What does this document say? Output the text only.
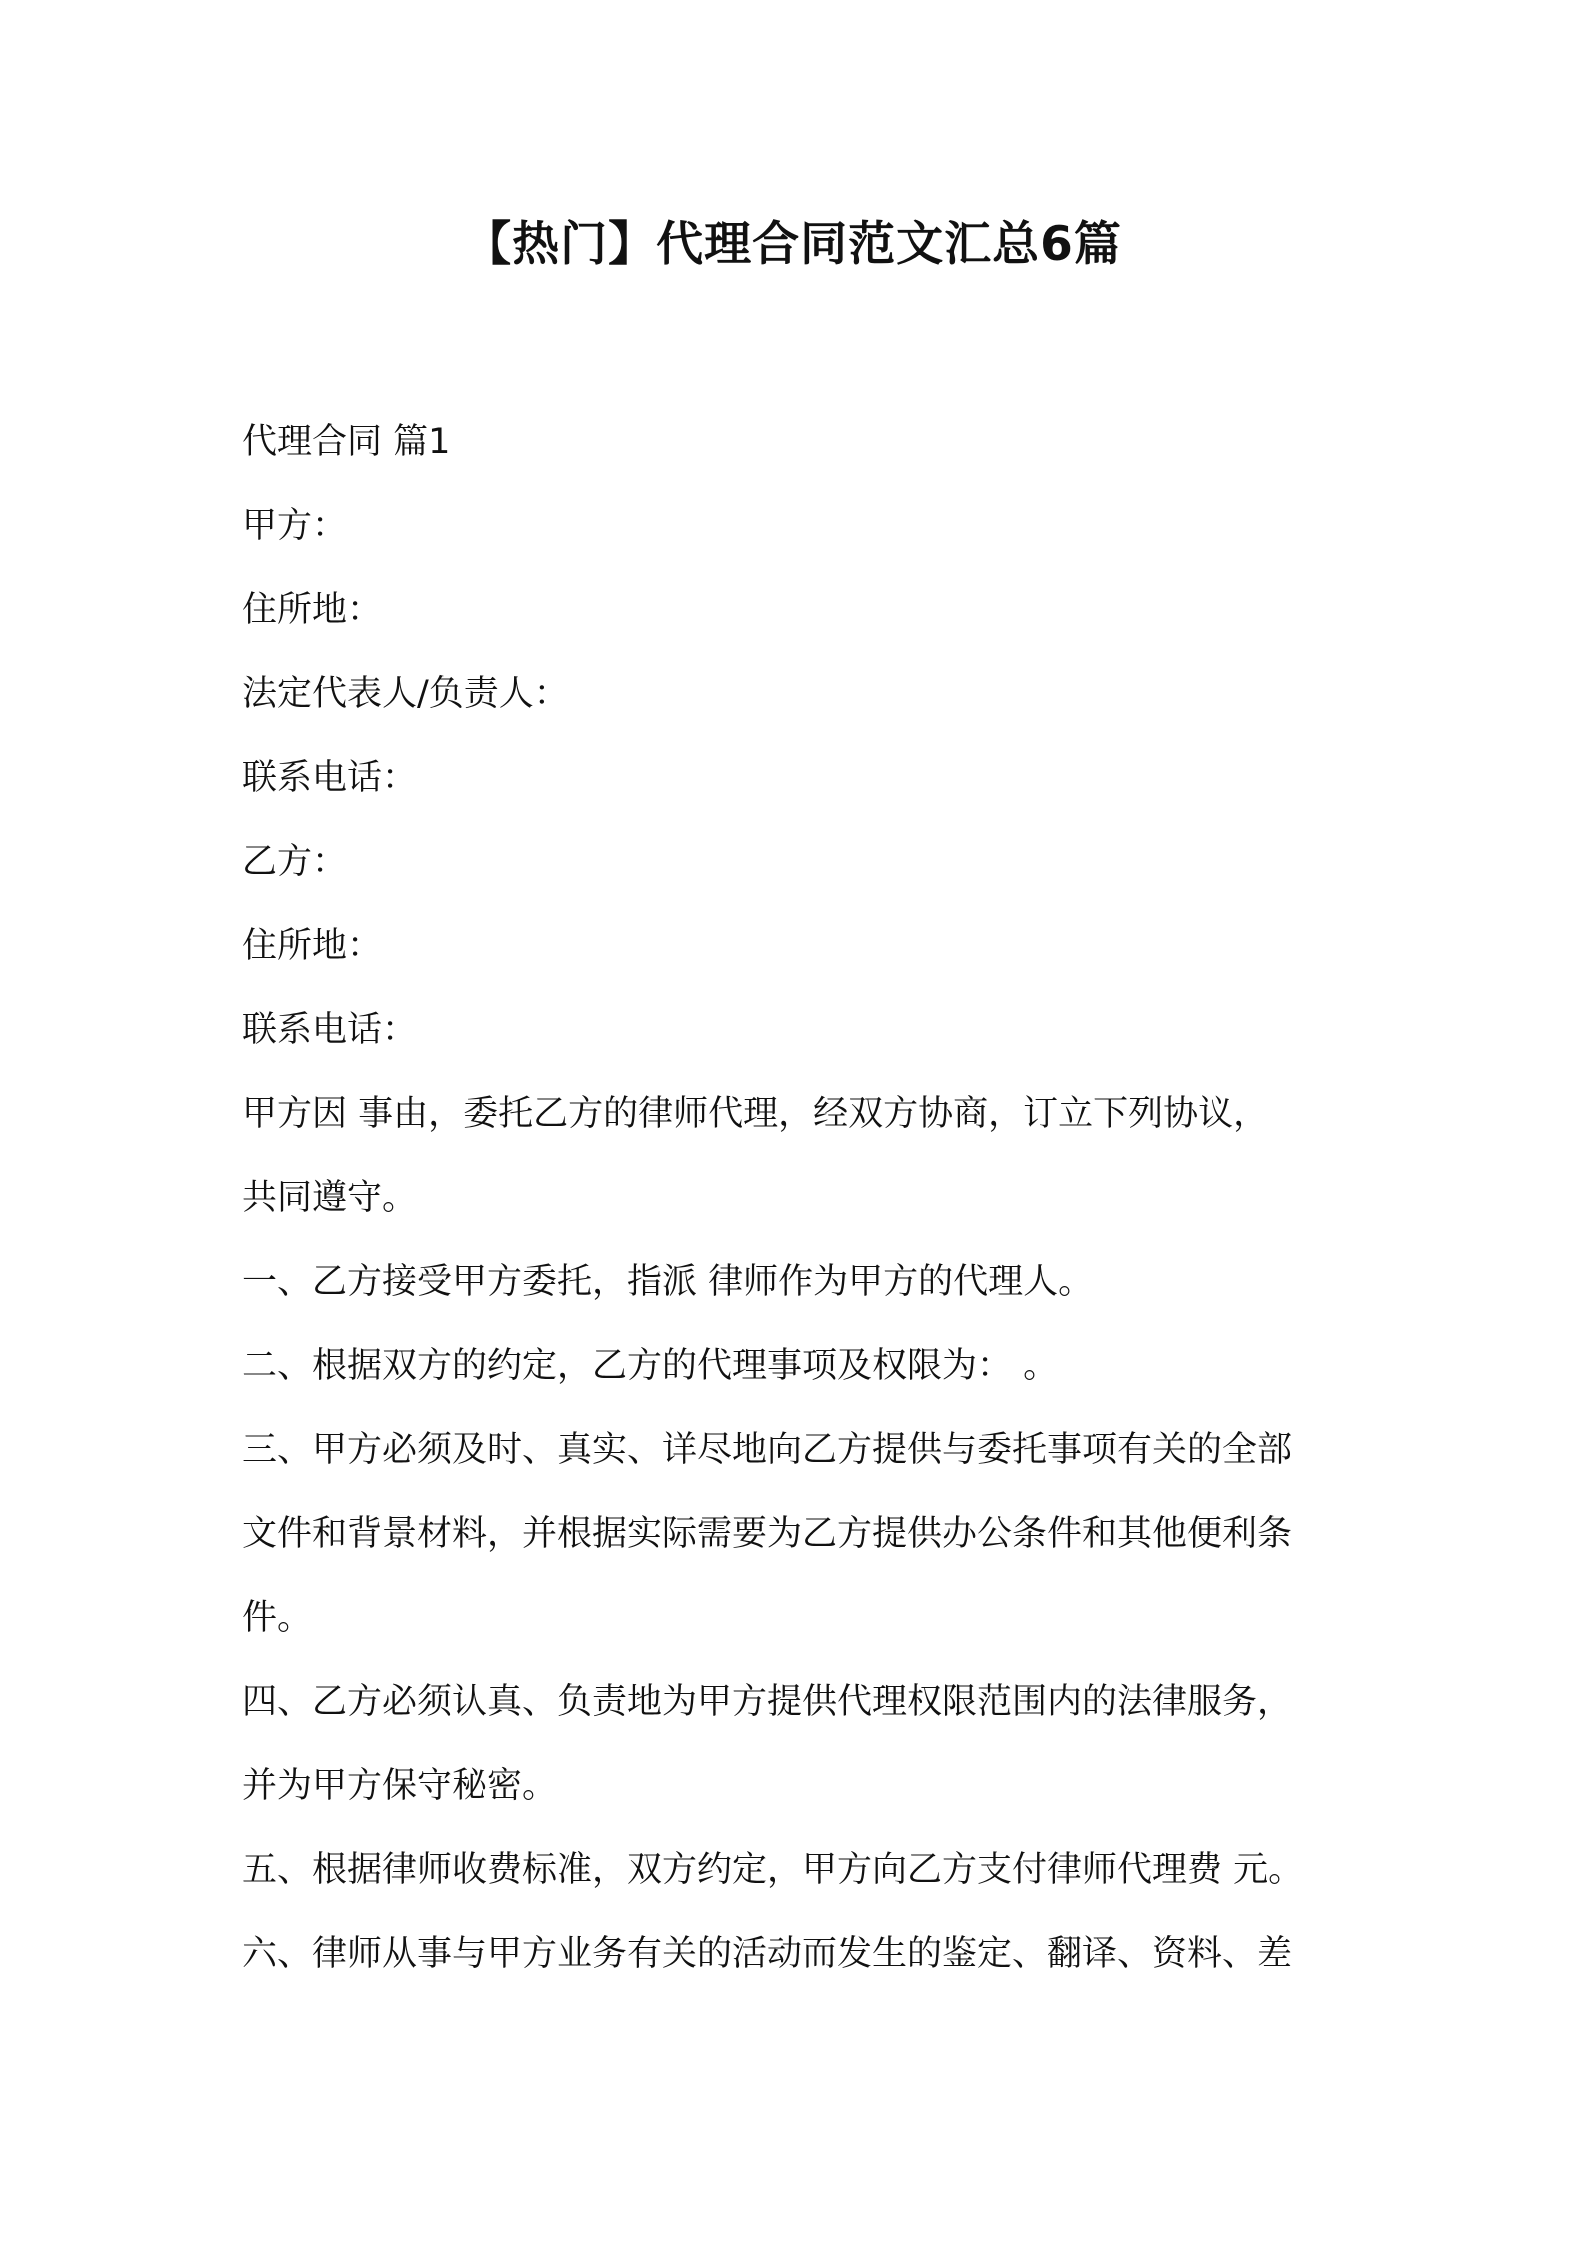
【热门】代理合同范文汇总6篇

代理合同 篇1

甲方：

住所地：

法定代表人/负责人：

联系电话：

乙方：

住所地：

联系电话：

甲方因 事由，委托乙方的律师代理，经双方协商，订立下列协议，

共同遵守。

一、乙方接受甲方委托，指派 律师作为甲方的代理人。

二、根据双方的约定，乙方的代理事项及权限为： 。

三、甲方必须及时、真实、详尽地向乙方提供与委托事项有关的全部

文件和背景材料，并根据实际需要为乙方提供办公条件和其他便利条

件。

四、乙方必须认真、负责地为甲方提供代理权限范围内的法律服务，

并为甲方保守秘密。

五、根据律师收费标准，双方约定，甲方向乙方支付律师代理费 元。

六、律师从事与甲方业务有关的活动而发生的鉴定、翻译、资料、差
